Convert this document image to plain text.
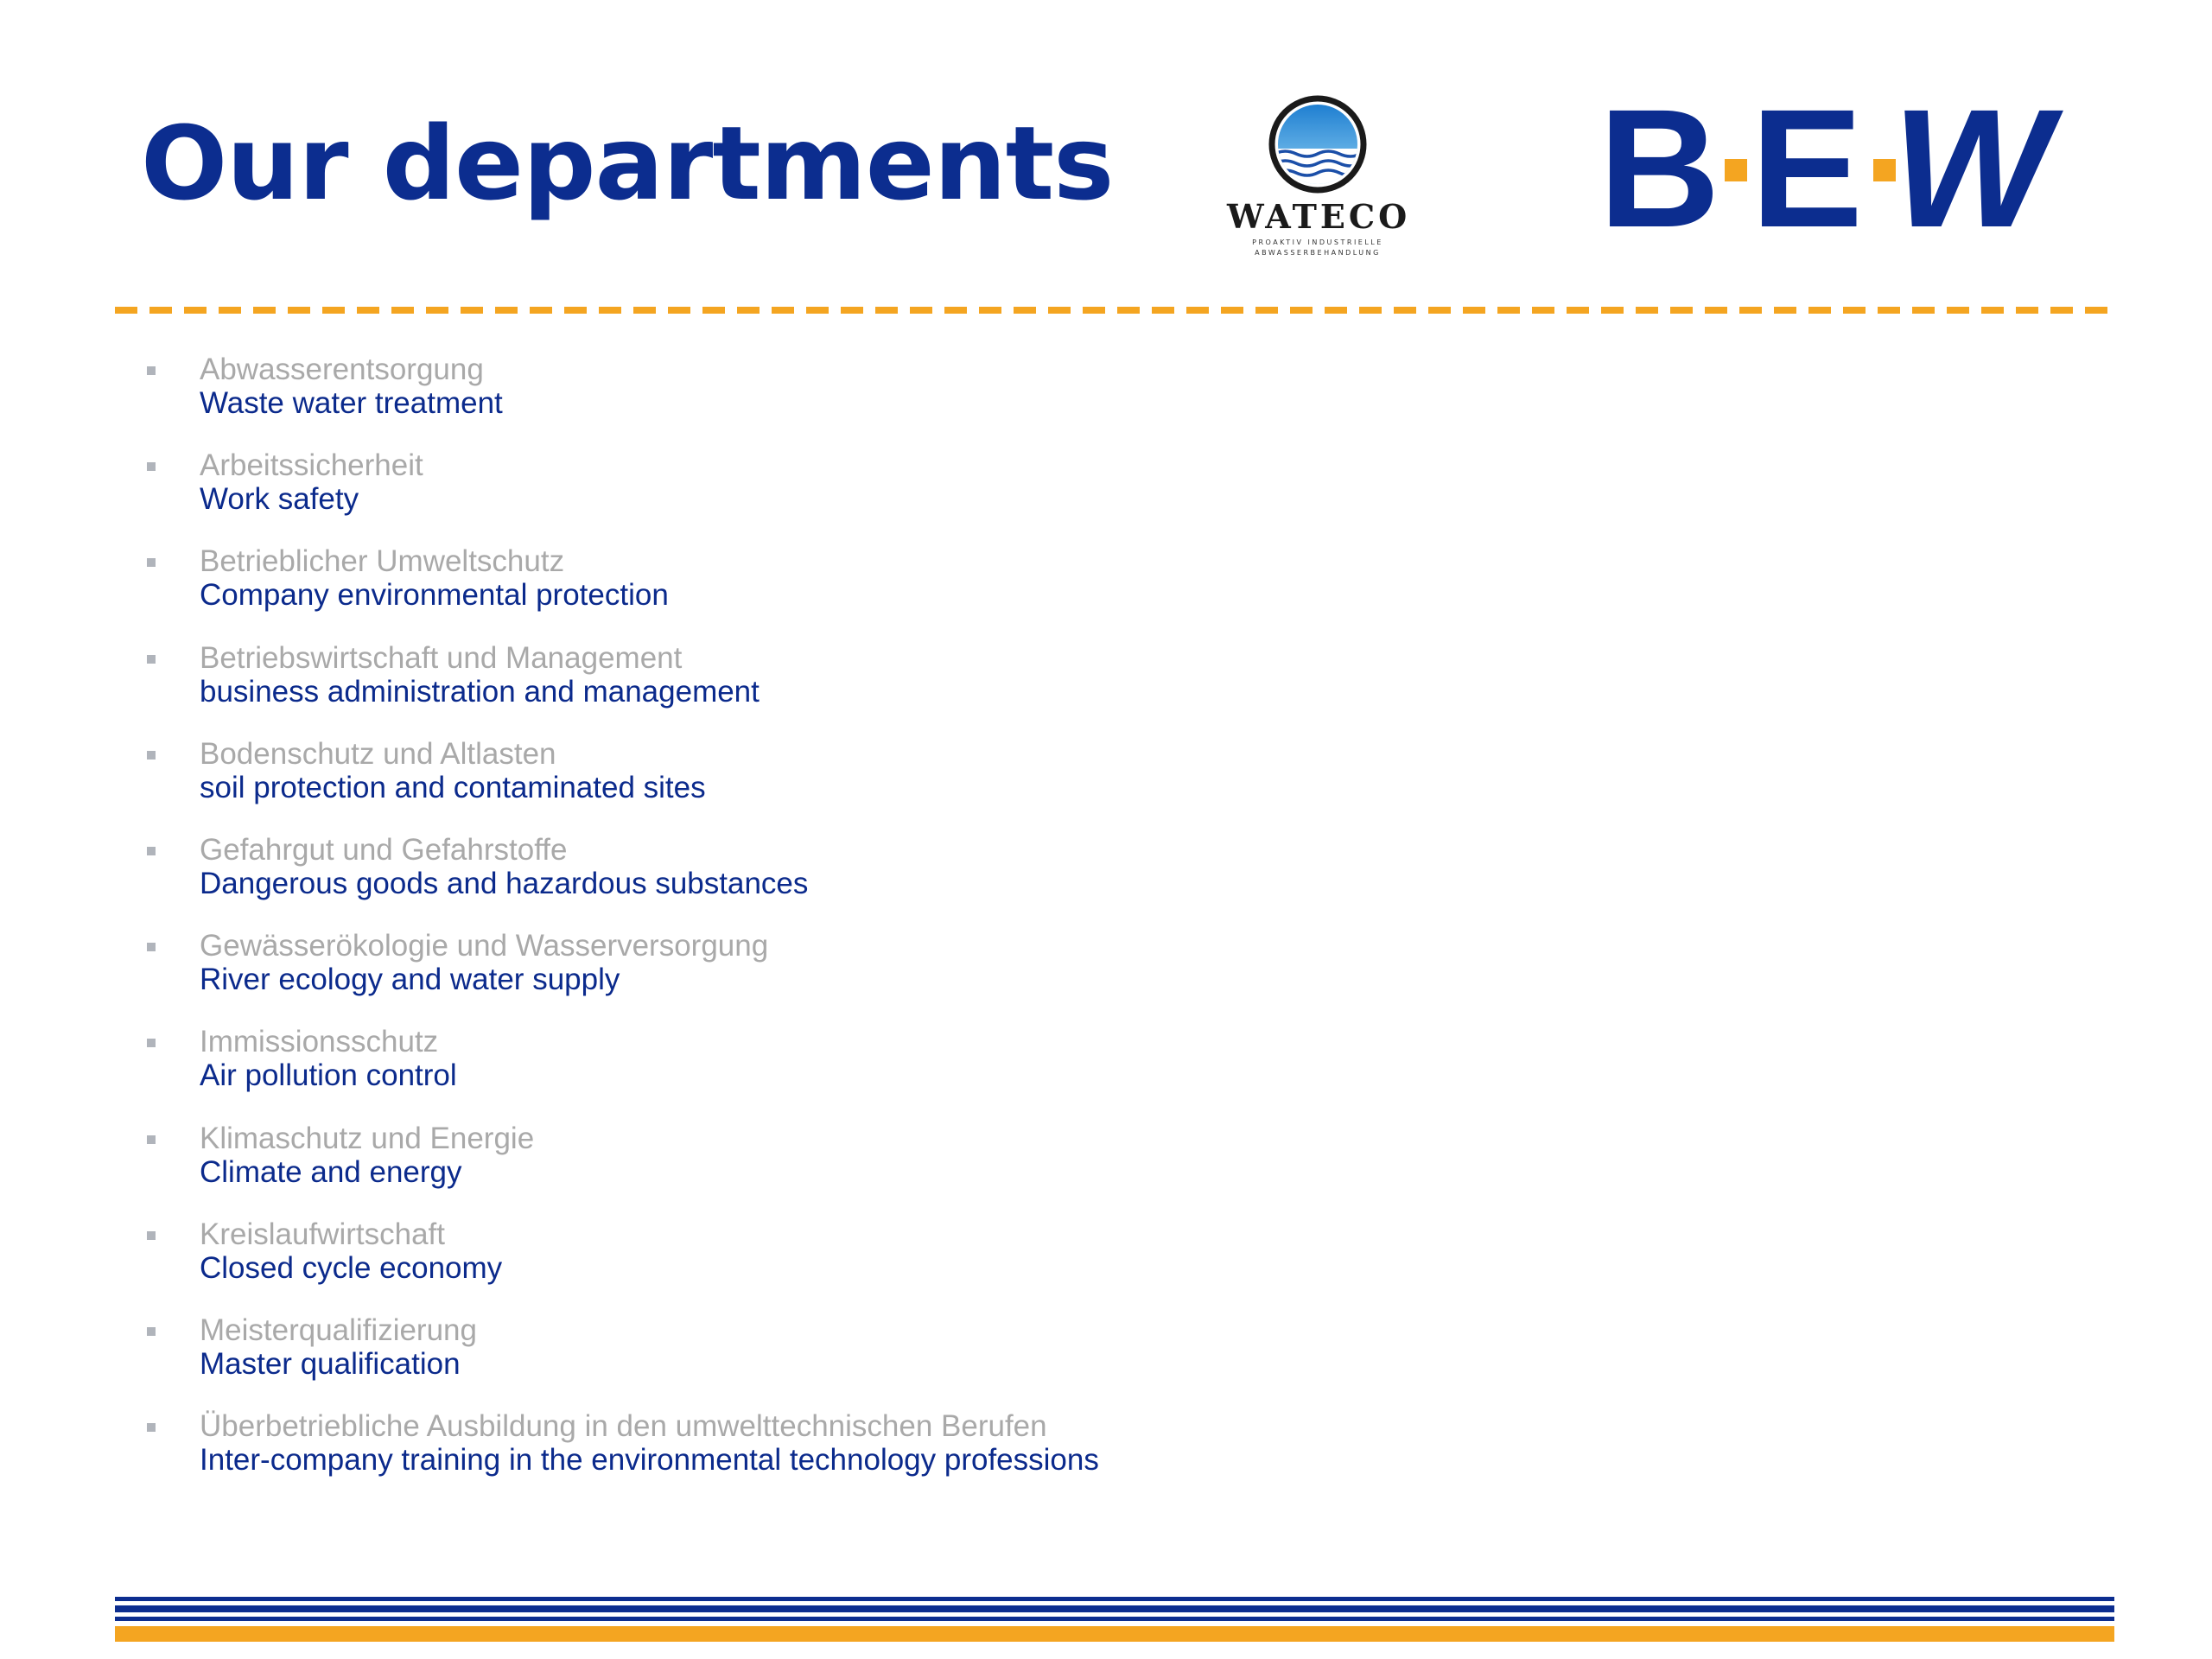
Our departments	WATECO
PROAKTIV INDUSTRIELLE
ABWASSERBEHANDLUNG B E W
Abwasserentsorgung
Waste water treatment
Arbeitssicherheit
Work safety
Betrieblicher Umweltschutz
Company environmental protection
Betriebswirtschaft und Management
business administration and management
Bodenschutz und Altlasten
soil protection and contaminated sites
Gefahrgut und Gefahrstoffe
Dangerous goods and hazardous substances
Gewässerökologie und Wasserversorgung
River ecology and water supply
Immissionsschutz
Air pollution control
Klimaschutz und Energie
Climate and energy
Kreislaufwirtschaft
Closed cycle economy
Meisterqualifizierung
Master qualification
Überbetriebliche Ausbildung in den umwelttechnischen Berufen
Inter-company training in the environmental technology professions
